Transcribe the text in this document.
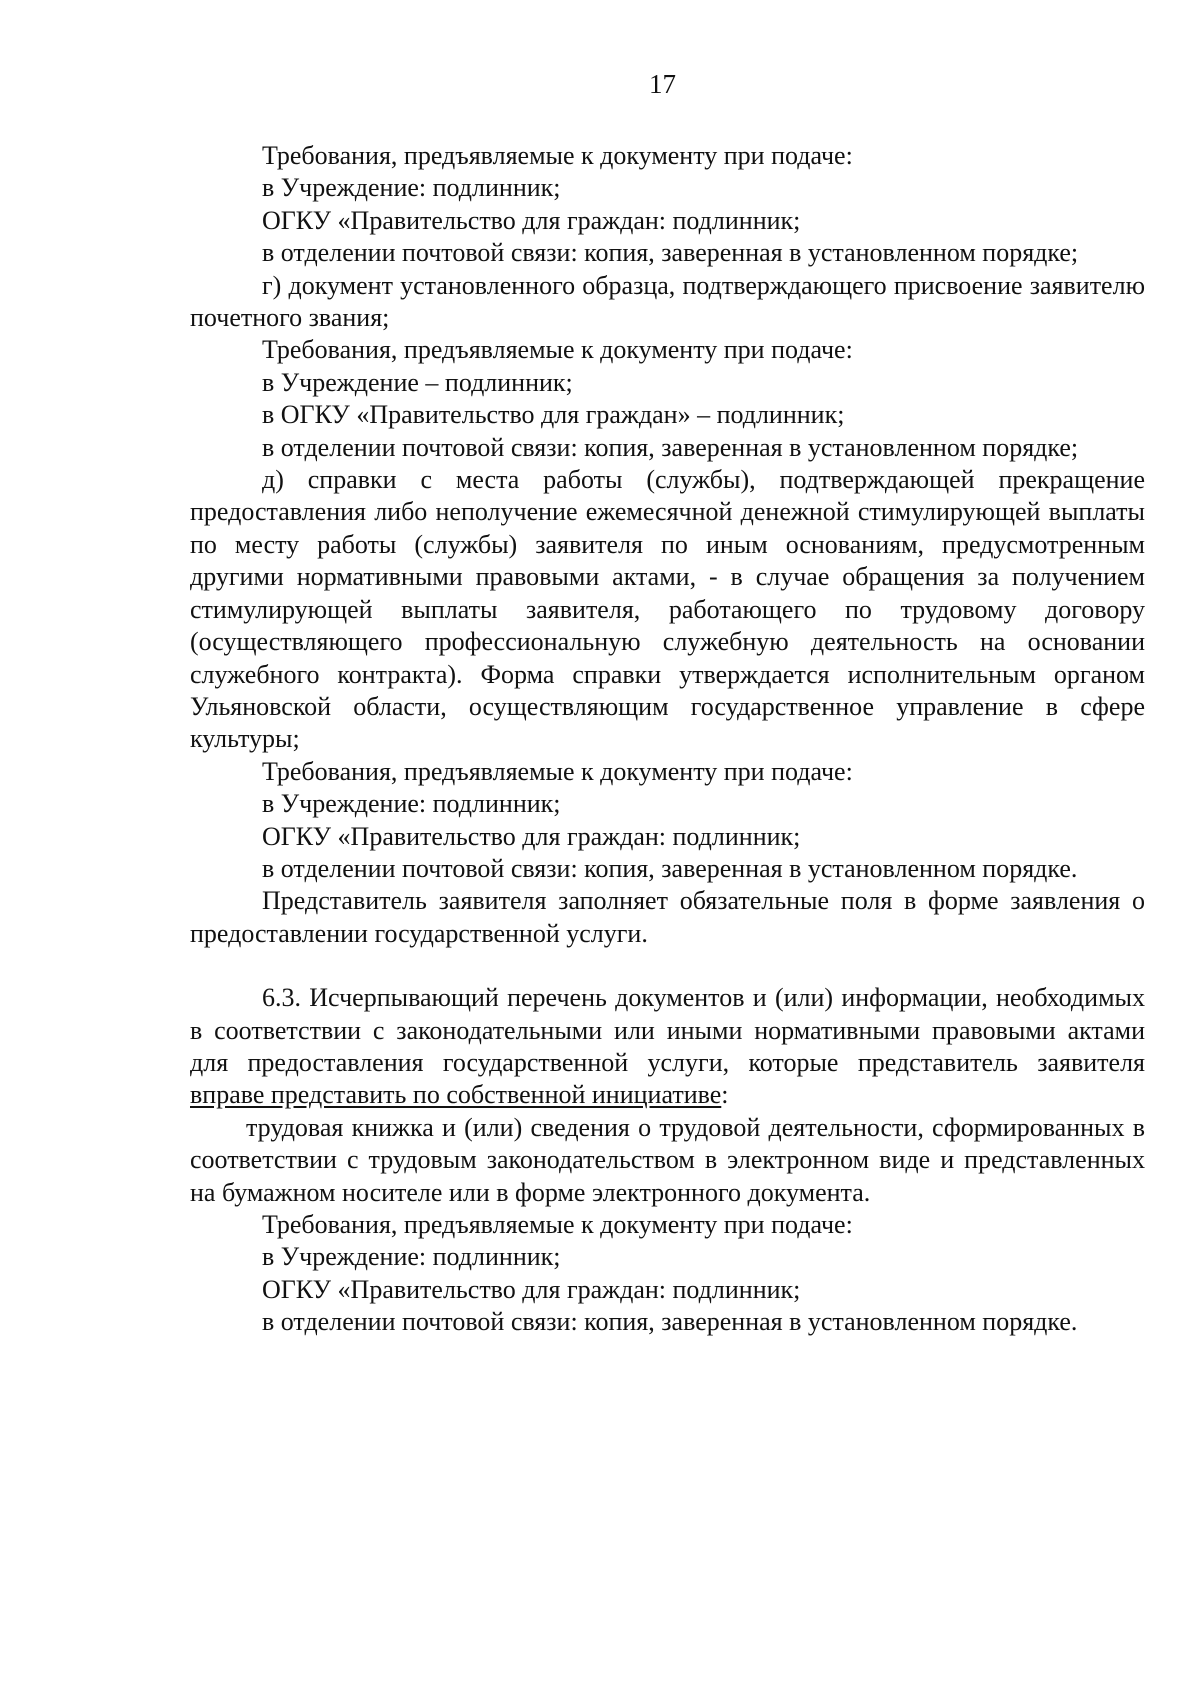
17

Требования, предъявляемые к документу при подаче:

в Учреждение: подлинник;

ОГКУ «Правительство для граждан: подлинник;

в отделении почтовой связи: копия, заверенная в установленном порядке;

г) документ установленного образца, подтверждающего присвоение заявителю почетного звания;

Требования, предъявляемые к документу при подаче:

в Учреждение – подлинник;

в ОГКУ «Правительство для граждан» – подлинник;

в отделении почтовой связи: копия, заверенная в установленном порядке;

д) справки с места работы (службы), подтверждающей прекращение предоставления либо неполучение ежемесячной денежной стимулирующей выплаты по месту работы (службы) заявителя по иным основаниям, предусмотренным другими нормативными правовыми актами, - в случае обращения за получением стимулирующей выплаты заявителя, работающего по трудовому договору (осуществляющего профессиональную служебную деятельность на основании служебного контракта). Форма справки утверждается исполнительным органом Ульяновской области, осуществляющим государственное управление в сфере культуры;

Требования, предъявляемые к документу при подаче:

в Учреждение: подлинник;

ОГКУ «Правительство для граждан: подлинник;

в отделении почтовой связи: копия, заверенная в установленном порядке.

Представитель заявителя заполняет обязательные поля в форме заявления о предоставлении государственной услуги.

6.3. Исчерпывающий перечень документов и (или) информации, необходимых в соответствии с законодательными или иными нормативными правовыми актами для предоставления государственной услуги, которые представитель заявителя вправе представить по собственной инициативе:

трудовая книжка и (или) сведения о трудовой деятельности, сформированных в соответствии с трудовым законодательством в электронном виде и представленных на бумажном носителе или в форме электронного документа.

Требования, предъявляемые к документу при подаче:

в Учреждение: подлинник;

ОГКУ «Правительство для граждан: подлинник;

в отделении почтовой связи: копия, заверенная в установленном порядке.
